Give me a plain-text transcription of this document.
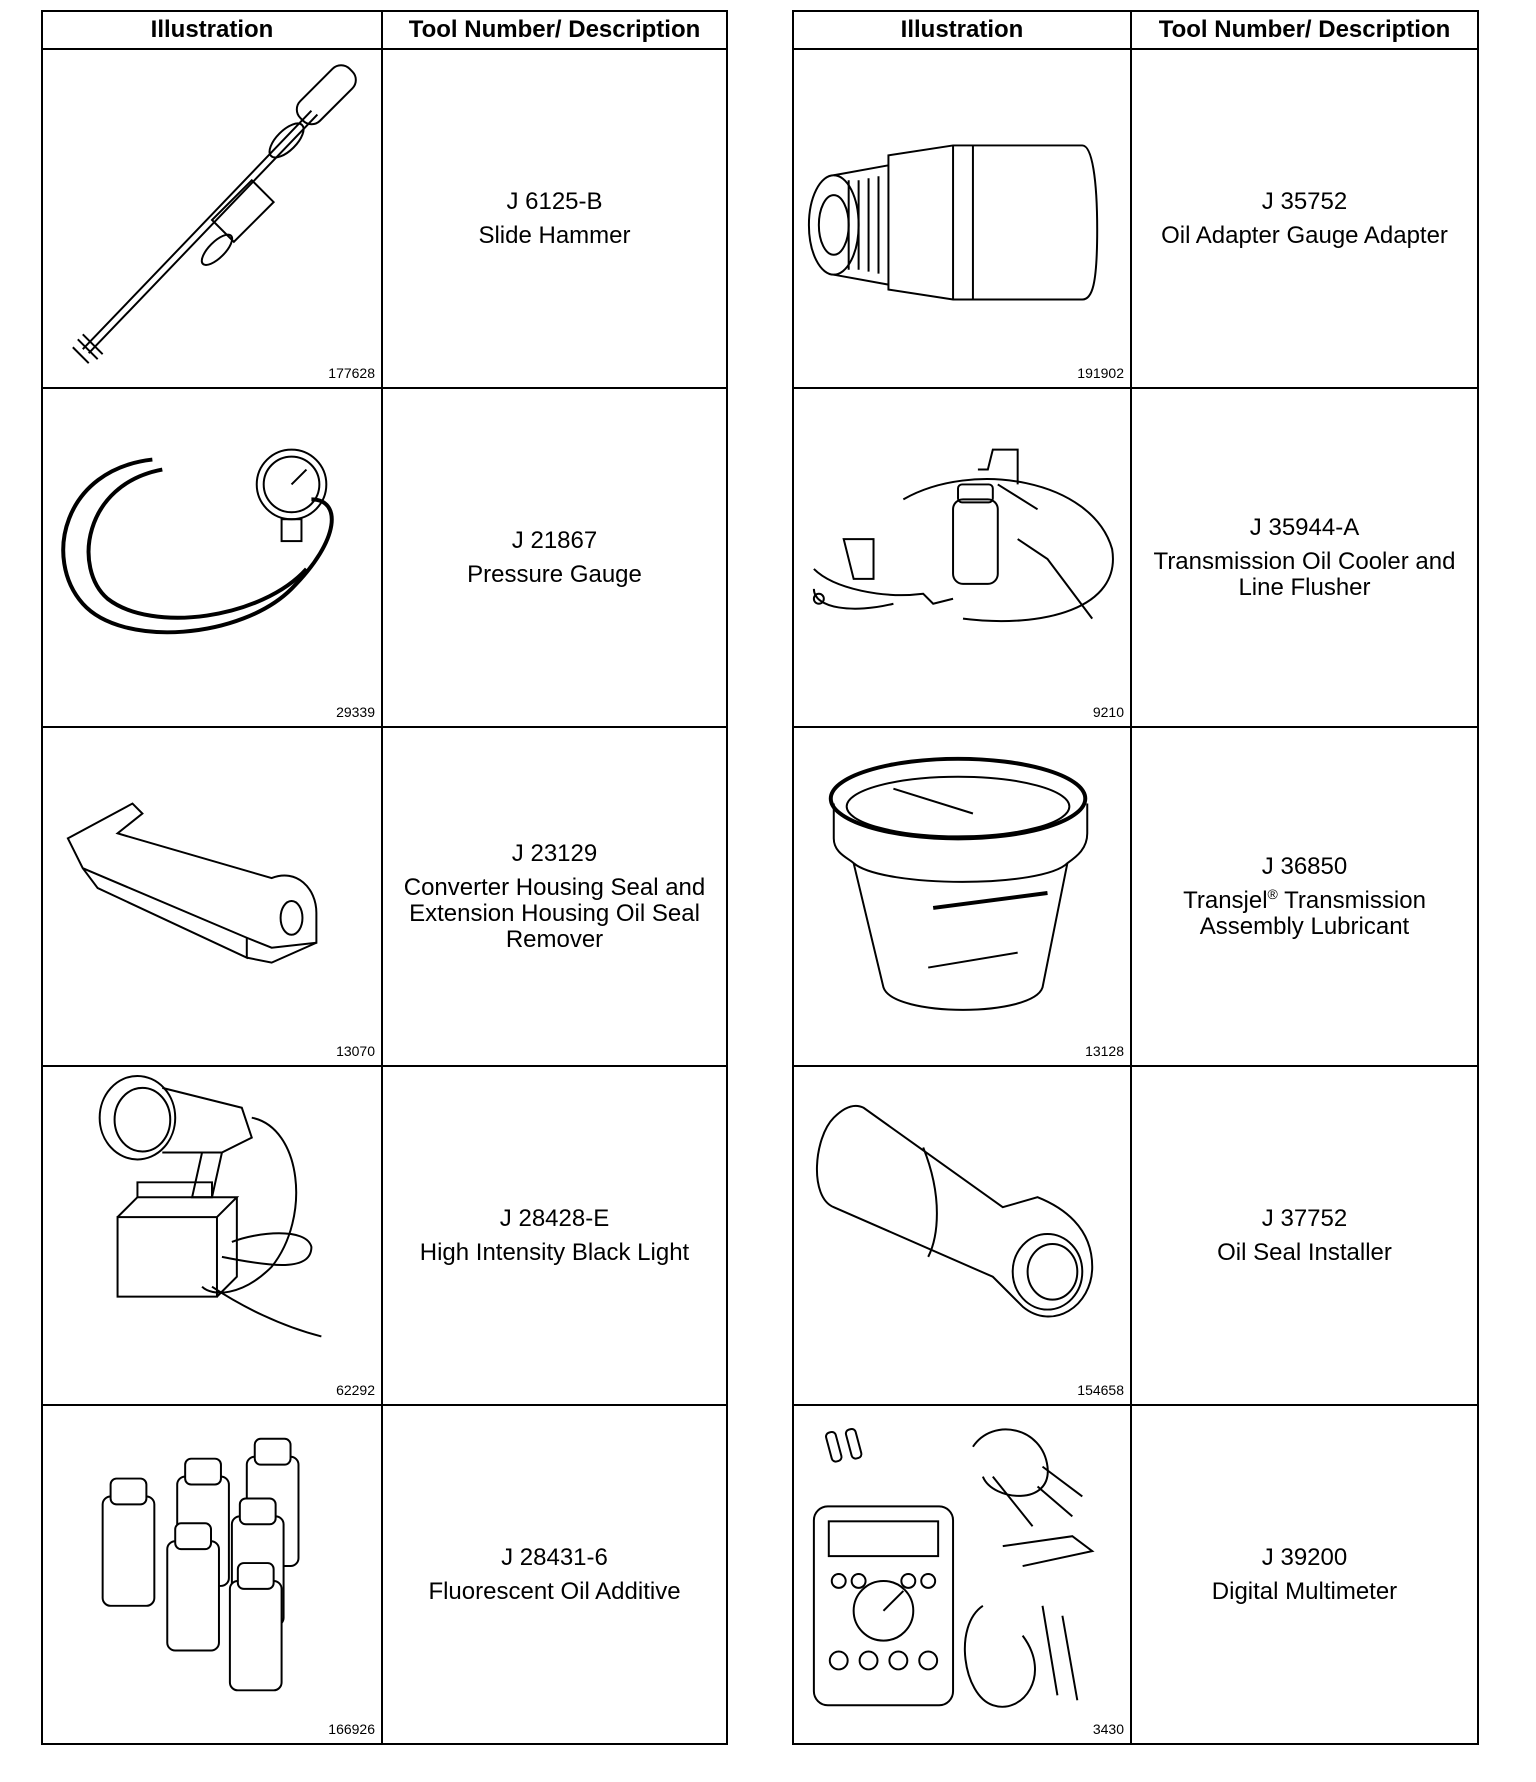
Illustration	Tool Number/ Description

177628	J 6125-B
Slide Hammer

29339	J 21867
Pressure Gauge

13070	J 23129
Converter Housing Seal and Extension Housing Oil Seal Remover

62292	J 28428-E
High Intensity Black Light

166926	J 28431-6
Fluorescent Oil Additive
Illustration	Tool Number/ Description

191902	J 35752
Oil Adapter Gauge Adapter

9210	J 35944-A
Transmission Oil Cooler and Line Flusher

13128	J 36850
Transjel® Transmission Assembly Lubricant

154658	J 37752
Oil Seal Installer

3430	J 39200
Digital Multimeter
